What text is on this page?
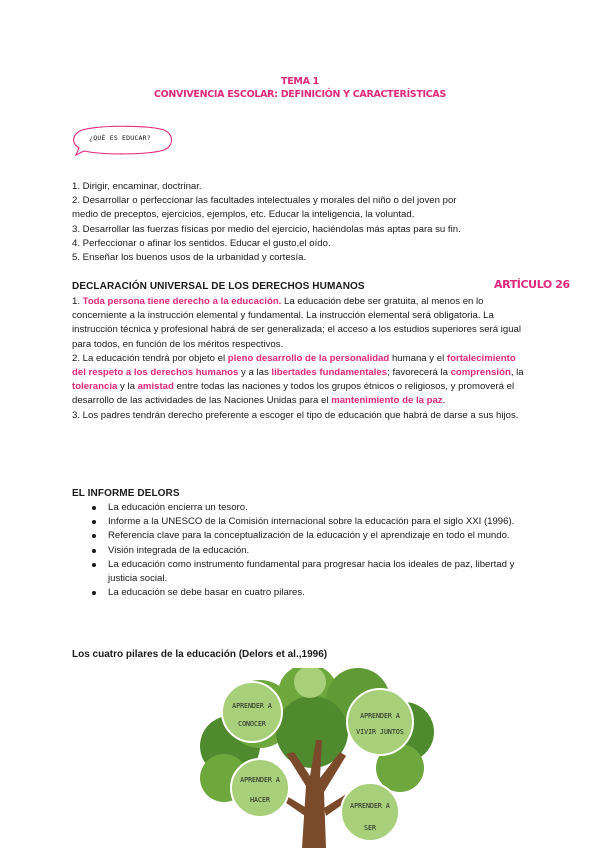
TEMA 1
CONVIVENCIA ESCOLAR: DEFINICIÓN Y CARACTERÍSTICAS
¿QUÉ ES EDUCAR?
1. Dirigir, encaminar, doctrinar.
2. Desarrollar o perfeccionar las facultades intelectuales y morales del niño o del joven por
medio de preceptos, ejercicios, ejemplos, etc. Educar la inteligencia, la voluntad.
3. Desarrollar las fuerzas físicas por medio del ejercicio, haciéndolas más aptas para su fin.
4. Perfeccionar o afinar los sentidos. Educar el gusto,el oído.
5. Enseñar los buenos usos de la urbanidad y cortesía.
DECLARACIÓN UNIVERSAL DE LOS DERECHOS HUMANOS	ARTÍCULO 26

1. Toda persona tiene derecho a la educación. La educación debe ser gratuita, al menos en lo concerniente a la instrucción elemental y fundamental. La instrucción elemental será obligatoria. La instrucción técnica y profesional habrá de ser generalizada; el acceso a los estudios superiores será igual para todos, en función de los méritos respectivos.

2. La educación tendrá por objeto el pleno desarrollo de la personalidad humana y el fortalecimiento del respeto a los derechos humanos y a las libertades fundamentales; favorecerá la comprensión, la tolerancia y la amistad entre todas las naciones y todos los grupos étnicos o religiosos, y promoverá el desarrollo de las actividades de las Naciones Unidas para el mantenimiento de la paz.

3. Los padres tendrán derecho preferente a escoger el tipo de educación que habrá de darse a sus hijos.

EL INFORME DELORS
La educación encierra un tesoro.
Informe a la UNESCO de la Comisión internacional sobre la educación para el siglo XXI (1996).
Referencia clave para la conceptualización de la educación y el aprendizaje en todo el mundo.
Visión integrada de la educación.
La educación como instrumento fundamental para progresar hacia los ideales de paz, libertad y justicia social.
La educación se debe basar en cuatro pilares.
Los cuatro pilares de la educación (Delors et al.,1996)
APRENDER A
CONOCER
APRENDER A
VIVIR JUNTOS
APRENDER A
HACER
APRENDER A
SER
